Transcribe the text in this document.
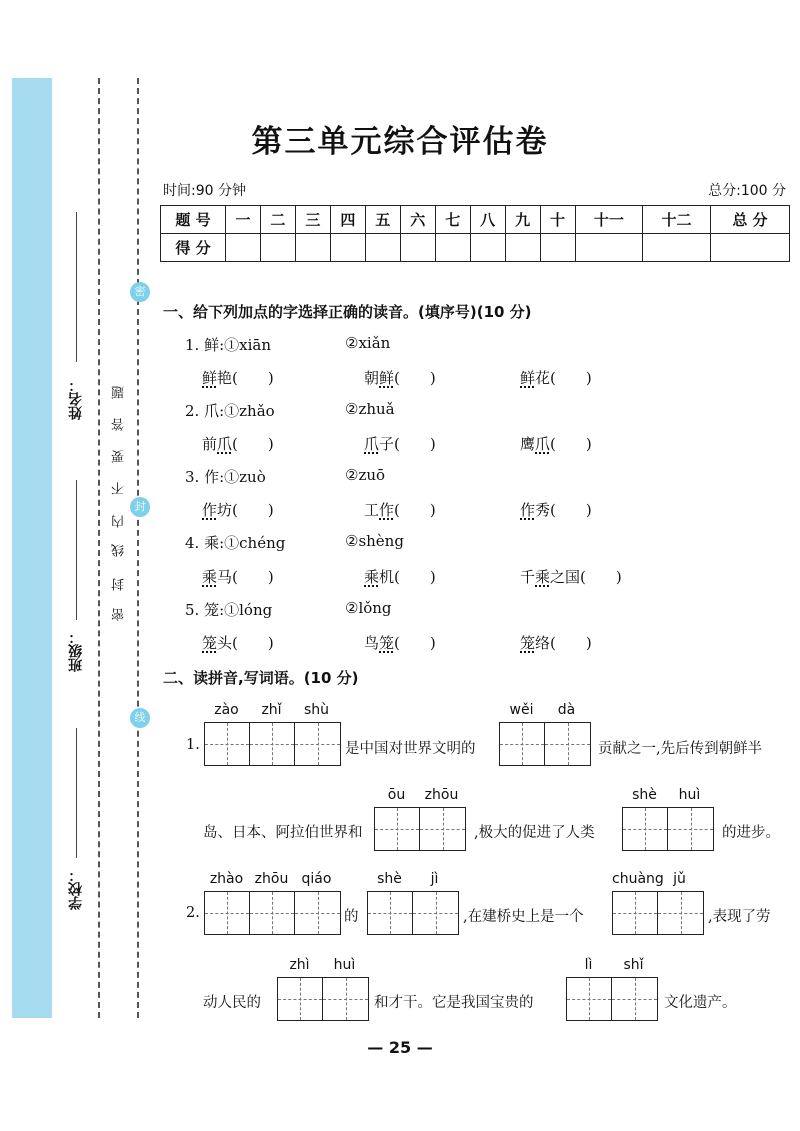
姓名：
班级：
学校：
密
封
线
内
不
要
答
题
密
封
线
第三单元综合评估卷
时间:90 分钟	总分:100 分
题 号	一	二	三	四	五	六	七	八	九	十	十一	十二	总 分
得 分													
一、给下列加点的字选择正确的读音。(填序号)(10 分)
1. 鲜:①xiān	②xiǎn
鲜艳(　　)	朝鲜(　　)	鲜花(　　)
2. 爪:①zhǎo	②zhuǎ
前爪(　　)	爪子(　　)	鹰爪(　　)
3. 作:①zuò	②zuō
作坊(　　)	工作(　　)	作秀(　　)
4. 乘:①chéng	②shèng
乘马(　　)	乘机(　　)	千乘之国(　　)
5. 笼:①lóng	②lǒng
笼头(　　)	鸟笼(　　)	笼络(　　)
二、读拼音,写词语。(10 分)
1.
zào	zhǐ	shù
是中国对世界文明的
wěi	dà
贡献之一,先后传到朝鲜半
岛、日本、阿拉伯世界和
ōu	zhōu
,极大的促进了人类
shè	huì
的进步。
2.
zhào zhōu qiáo
的
shè	jì
,在建桥史上是一个
chuàng jǔ
,表现了劳
动人民的
zhì	huì
和才干。它是我国宝贵的
lì	shǐ
文化遗产。
— 25 —
